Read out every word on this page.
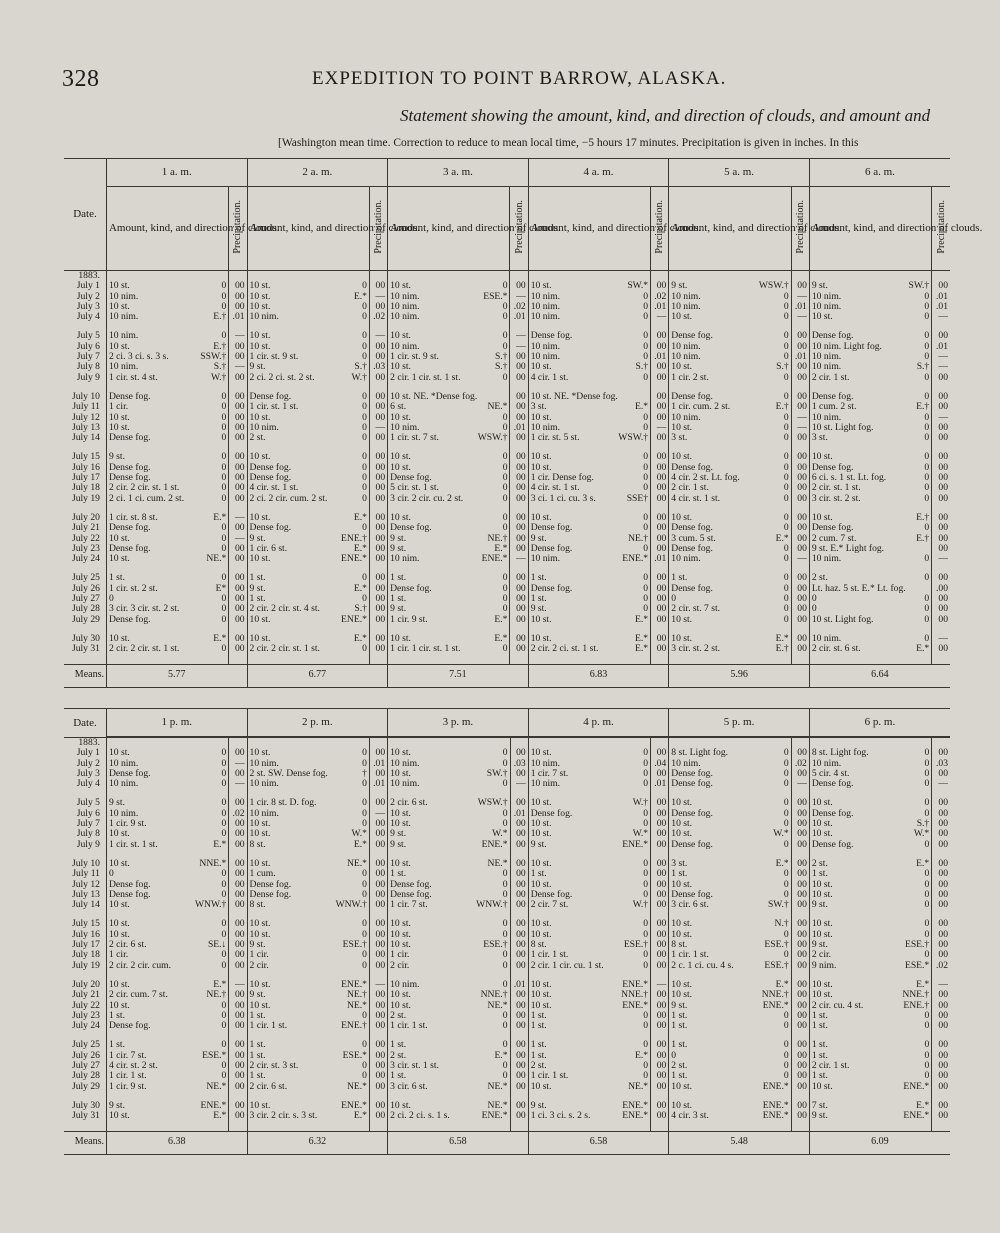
328	EXPEDITION TO POINT BARROW, ALASKA.
Statement showing the amount, kind, and direction of clouds, and amount and
[Washington mean time. Correction to reduce to mean local time, −5 hours 17 minutes. Precipitation is given in inches. In this
Date.	1 a. m.		2 a. m.		3 a. m.		4 a. m.		5 a. m.		6 a. m.	
	Amount, kind, and direction of clouds.	Precipitation.	Amount, kind, and direction of clouds.	Precipitation.	Amount, kind, and direction of clouds.	Precipitation.	Amount, kind, and direction of clouds.	Precipitation.	Amount, kind, and direction of clouds.	Precipitation.	Amount, kind, and direction of clouds.	Precipitation.
1883.												
July 1	10 st. 0	00	10 st. 0	00	10 st. 0	00	10 st. SW.*	00	9 st. WSW.†	00	9 st. SW.†	00
July 2	10 nim. 0	00	10 st. E.*	—	10 nim. ESE.*	—	10 nim. 0	.02	10 nim. 0	—	10 nim. 0	.01
July 3	10 st. 0	00	10 st. 0	00	10 nim. 0	.02	10 nim. 0	.01	10 nim. 0	.01	10 nim. 0	.01
July 4	10 nim. E.†	.01	10 nim. 0	.02	10 nim. 0	.01	10 nim. 0	—	10 st. 0	—	10 st. 0	—

July 5	10 nim. 0	—	10 st. 0	—	10 st. 0	—	Dense fog. 0	00	Dense fog. 0	00	Dense fog. 0	00
July 6	10 st. E.†	00	10 st. 0	00	10 nim. 0	—	10 nim. 0	00	10 nim. 0	00	10 nim. Light fog. 0	.01
July 7	2 ci. 3 ci. s. 3 s. SSW.†	00	1 cir. st. 9 st. 0	00	1 cir. st. 9 st. S.†	00	10 nim. 0	.01	10 nim. 0	.01	10 nim. 0	—
July 8	10 nim. S.†	—	9 st. S.†	.03	10 st. S.†	00	10 st. S.†	00	10 st. S.†	00	10 nim. S.†	—
July 9	1 cir. st. 4 st. W.†	00	2 ci. 2 ci. st. 2 st. W.†	00	2 cir. 1 cir. st. 1 st. 0	00	4 cir. 1 st. 0	00	1 cir. 2 st. 0	00	2 cir. 1 st. 0	00

July 10	Dense fog. 0	00	Dense fog. 0	00	10 st. NE. *Dense fog.	00	10 st. NE. *Dense fog.	00	Dense fog. 0	00	Dense fog. 0	00
July 11	1 cir. 0	00	1 cir. st. 1 st. 0	00	6 st. NE.*	00	3 st. E.*	00	1 cir. cum. 2 st. E.†	00	1 cum. 2 st. E.†	00
July 12	10 st. 0	00	10 st. 0	00	10 st. 0	00	10 st. 0	00	10 nim. 0	—	10 nim. 0	—
July 13	10 st. 0	00	10 nim. 0	—	10 nim. 0	.01	10 nim. 0	—	10 st. 0	—	10 st. Light fog. 0	00
July 14	Dense fog. 0	00	2 st. 0	00	1 cir. st. 7 st. WSW.†	00	1 cir. st. 5 st. WSW.†	00	3 st. 0	00	3 st. 0	00

July 15	9 st. 0	00	10 st. 0	00	10 st. 0	00	10 st. 0	00	10 st. 0	00	10 st. 0	00
July 16	Dense fog. 0	00	Dense fog. 0	00	10 st. 0	00	10 st. 0	00	Dense fog. 0	00	Dense fog. 0	00
July 17	Dense fog. 0	00	Dense fog. 0	00	Dense fog. 0	00	1 cir. Dense fog. 0	00	4 cir. 2 st. Lt. fog. 0	00	6 ci. s. 1 st. Lt. fog. 0	00
July 18	2 cir. 2 cir. st. 1 st. 0	00	4 cir. st. 1 st. 0	00	5 cir. st. 1 st. 0	00	4 cir. st. 1 st. 0	00	2 cir. 1 st. 0	00	2 cir. st. 1 st. 0	00
July 19	2 ci. 1 ci. cum. 2 st. 0	00	2 ci. 2 cir. cum. 2 st. 0	00	3 cir. 2 cir. cu. 2 st. 0	00	3 ci. 1 ci. cu. 3 s. SSE†	00	4 cir. st. 1 st. 0	00	3 cir. st. 2 st. 0	00

July 20	1 cir. st. 8 st. E.*	—	10 st. E.*	00	10 st. 0	00	10 st. 0	00	10 st. 0	00	10 st. E.†	00
July 21	Dense fog. 0	00	Dense fog. 0	00	Dense fog. 0	00	Dense fog. 0	00	Dense fog. 0	00	Dense fog. 0	00
July 22	10 st. 0	—	9 st. ENE.†	00	9 st. NE.†	00	9 st. NE.†	00	3 cum. 5 st. E.*	00	2 cum. 7 st. E.†	00
July 23	Dense fog. 0	00	1 cir. 6 st. E.*	00	9 st. E.*	00	Dense fog. 0	00	Dense fog. 0	00	9 st. E.* Light fog.	00
July 24	10 st. NE.*	00	10 st. ENE.*	00	10 nim. ENE.*	—	10 nim. ENE.*	.01	10 nim. 0	—	10 nim. 0	—

July 25	1 st. 0	00	1 st. 0	00	1 st. 0	00	1 st. 0	00	1 st. 0	00	2 st. 0	00
July 26	1 cir. st. 2 st. E*	00	9 st. E.*	00	Dense fog. 0	00	Dense fog. 0	00	Dense fog. 0	00	Lt. haz. 5 st. E.* Lt. fog.	.00
July 27	0 0	00	1 st. 0	00	1 st. 0	00	1 st. 0	00	0 0	00	0 0	00
July 28	3 cir. 3 cir. st. 2 st. 0	00	2 cir. 2 cir. st. 4 st. S.†	00	9 st. 0	00	9 st. 0	00	2 cir. st. 7 st. 0	00	0 0	00
July 29	Dense fog. 0	00	10 st. ENE.*	00	1 cir. 9 st. E.*	00	10 st. E.*	00	10 st. 0	00	10 st. Light fog. 0	00

July 30	10 st. E.*	00	10 st. E.*	00	10 st. E.*	00	10 st. E.*	00	10 st. E.*	00	10 nim. 0	—
July 31	2 cir. 2 cir. st. 1 st. 0	00	2 cir. 2 cir. st. 1 st. 0	00	1 cir. 1 cir. st. 1 st. 0	00	2 cir. 2 ci. st. 1 st. E.*	00	3 cir. st. 2 st. E.†	00	2 cir. st. 6 st. E.*	00

Means.	5.77		6.77		7.51		6.83		5.96		6.64	
Date.	1 p. m.		2 p. m.		3 p. m.		4 p. m.		5 p. m.		6 p. m.	

1883.												
July 1	10 st. 0	00	10 st. 0	00	10 st. 0	00	10 st. 0	00	8 st. Light fog. 0	00	8 st. Light fog. 0	00
July 2	10 nim. 0	—	10 nim. 0	.01	10 nim. 0	.03	10 nim. 0	.04	10 nim. 0	.02	10 nim. 0	.03
July 3	Dense fog. 0	00	2 st. SW. Dense fog. †	00	10 st. SW.†	00	1 cir. 7 st. 0	00	Dense fog. 0	00	5 cir. 4 st. 0	00
July 4	10 nim. 0	—	10 nim. 0	.01	10 nim. 0	—	10 nim. 0	.01	Dense fog. 0	—	Dense fog. 0	—

July 5	9 st. 0	00	1 cir. 8 st. D. fog. 0	00	2 cir. 6 st. WSW.†	00	10 st. W.†	00	10 st. 0	00	10 st. 0	00
July 6	10 nim. 0	.02	10 nim. 0	—	10 st. 0	.01	Dense fog. 0	00	Dense fog. 0	00	Dense fog. 0	00
July 7	1 cir. 9 st. 0	00	10 st. 0	00	10 st. 0	00	10 st. 0	00	10 st. 0	00	10 st. S.†	00
July 8	10 st. 0	00	10 st. W.*	00	9 st. W.*	00	10 st. W.*	00	10 st. W.*	00	10 st. W.*	00
July 9	1 cir. st. 1 st. E.*	00	8 st. E.*	00	9 st. ENE.*	00	9 st. ENE.*	00	Dense fog. 0	00	Dense fog. 0	00

July 10	10 st. NNE.*	00	10 st. NE.*	00	10 st. NE.*	00	10 st. 0	00	3 st. E.*	00	2 st. E.*	00
July 11	0 0	00	1 cum. 0	00	1 st. 0	00	1 st. 0	00	1 st. 0	00	1 st. 0	00
July 12	Dense fog. 0	00	Dense fog. 0	00	Dense fog. 0	00	10 st. 0	00	10 st. 0	00	10 st. 0	00
July 13	Dense fog. 0	00	Dense fog. 0	00	Dense fog. 0	00	Dense fog. 0	00	Dense fog. 0	00	10 st. 0	00
July 14	10 st. WNW.†	00	8 st. WNW.†	00	1 cir. 7 st. WNW.†	00	2 cir. 7 st. W.†	00	3 cir. 6 st. SW.†	00	9 st. 0	00

July 15	10 st. 0	00	10 st. 0	00	10 st. 0	00	10 st. 0	00	10 st. N.†	00	10 st. 0	00
July 16	10 st. 0	00	10 st. 0	00	10 st. 0	00	10 st. 0	00	10 st. 0	00	10 st. 0	00
July 17	2 cir. 6 st. SE.↓	00	9 st. ESE.†	00	10 st. ESE.†	00	8 st. ESE.†	00	8 st. ESE.†	00	9 st. ESE.†	00
July 18	1 cir. 0	00	1 cir. 0	00	1 cir. 0	00	1 cir. 1 st. 0	00	1 cir. 1 st. 0	00	2 cir. 0	00
July 19	2 cir. 2 cir. cum. 0	00	2 cir. 0	00	2 cir. 0	00	2 cir. 1 cir. cu. 1 st. 0	00	2 c. 1 ci. cu. 4 s. ESE.†	00	9 nim. ESE.*	.02

July 20	10 st. E.*	—	10 st. ENE.*	—	10 nim. 0	.01	10 st. ENE.*	—	10 st. E.*	00	10 st. E.*	—
July 21	2 cir. cum. 7 st. NE.†	00	9 st. NE.†	00	10 st. NNE.†	00	10 st. NNE.†	00	10 st. NNE.†	00	10 st. NNE.†	00
July 22	10 st. 0	00	10 st. NE.*	00	10 st. NE.*	00	10 st. ENE.*	00	9 st. ENE.*	00	2 cir. cu. 4 st. ENE.†	00
July 23	1 st. 0	00	1 st. 0	00	2 st. 0	00	1 st. 0	00	1 st. 0	00	1 st. 0	00
July 24	Dense fog. 0	00	1 cir. 1 st. ENE.†	00	1 cir. 1 st. 0	00	1 st. 0	00	1 st. 0	00	1 st. 0	00

July 25	1 st. 0	00	1 st. 0	00	1 st. 0	00	1 st. 0	00	1 st. 0	00	1 st. 0	00
July 26	1 cir. 7 st. ESE.*	00	1 st. ESE.*	00	2 st. E.*	00	1 st. E.*	00	0 0	00	1 st. 0	00
July 27	4 cir. st. 2 st. 0	00	2 cir. st. 3 st. 0	00	3 cir. st. 1 st. 0	00	2 st. 0	00	2 st. 0	00	2 cir. 1 st. 0	00
July 28	1 cir. 1 st. 0	00	1 st. 0	00	1 st. 0	00	1 cir. 1 st. 0	00	1 st. 0	00	1 st. 0	00
July 29	1 cir. 9 st. NE.*	00	2 cir. 6 st. NE.*	00	3 cir. 6 st. NE.*	00	10 st. NE.*	00	10 st. ENE.*	00	10 st. ENE.*	00

July 30	9 st. ENE.*	00	10 st. ENE.*	00	10 st. NE.*	00	9 st. ENE.*	00	10 st. ENE.*	00	7 st. E.*	00
July 31	10 st. E.*	00	3 cir. 2 cir. s. 3 st. E.*	00	2 ci. 2 ci. s. 1 s. ENE.*	00	1 ci. 3 ci. s. 2 s. ENE.*	00	4 cir. 3 st. ENE.*	00	9 st. ENE.*	00

Means.	6.38		6.32		6.58		6.58		5.48		6.09	
